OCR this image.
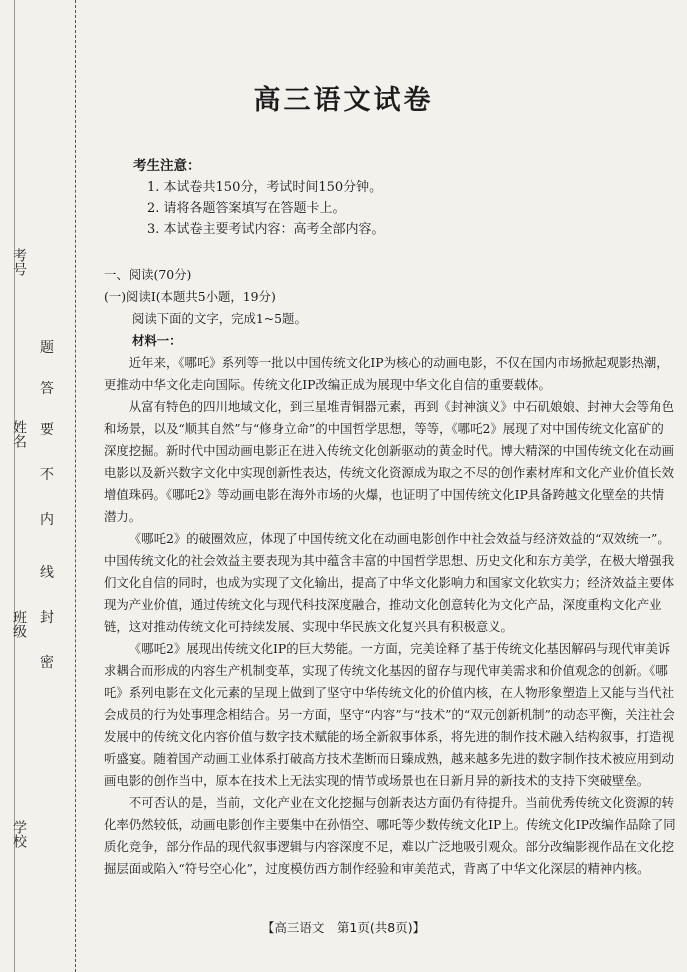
考号
姓名
班级
学校
题
答
要
不
内
线
封
密
高三语文试卷
考生注意：
1. 本试卷共150分，考试时间150分钟。
2. 请将各题答案填写在答题卡上。
3. 本试卷主要考试内容：高考全部内容。
一、阅读(70分)
(一)阅读Ⅰ(本题共5小题，19分)
阅读下面的文字，完成1~5题。
材料一：

近年来，《哪吒》系列等一批以中国传统文化IP为核心的动画电影，不仅在国内市场掀起观影热潮，更推动中华文化走向国际。传统文化IP改编正成为展现中华文化自信的重要载体。

从富有特色的四川地域文化，到三星堆青铜器元素，再到《封神演义》中石矶娘娘、封神大会等角色和场景，以及“顺其自然”与“修身立命”的中国哲学思想，等等，《哪吒2》展现了对中国传统文化富矿的深度挖掘。新时代中国动画电影正在进入传统文化创新驱动的黄金时代。博大精深的中国传统文化在动画电影以及新兴数字文化中实现创新性表达，传统文化资源成为取之不尽的创作素材库和文化产业价值长效增值珠码。《哪吒2》等动画电影在海外市场的火爆，也证明了中国传统文化IP具备跨越文化壁垒的共情潜力。

《哪吒2》的破圈效应，体现了中国传统文化在动画电影创作中社会效益与经济效益的“双效统一”。中国传统文化的社会效益主要表现为其中蕴含丰富的中国哲学思想、历史文化和东方美学，在极大增强我们文化自信的同时，也成为实现了文化输出，提高了中华文化影响力和国家文化软实力；经济效益主要体现为产业价值，通过传统文化与现代科技深度融合，推动文化创意转化为文化产品，深度重构文化产业链，这对推动传统文化可持续发展、实现中华民族文化复兴具有积极意义。

《哪吒2》展现出传统文化IP的巨大势能。一方面，完美诠释了基于传统文化基因解码与现代审美诉求耦合而形成的内容生产机制变革，实现了传统文化基因的留存与现代审美需求和价值观念的创新。《哪吒》系列电影在文化元素的呈现上做到了坚守中华传统文化的价值内核，在人物形象塑造上又能与当代社会成员的行为处事理念相结合。另一方面，坚守“内容”与“技术”的“双元创新机制”的动态平衡，关注社会发展中的传统文化内容价值与数字技术赋能的场全新叙事体系，将先进的制作技术融入结构叙事，打造视听盛宴。随着国产动画工业体系打破高方技术垄断而日臻成熟，越来越多先进的数字制作技术被应用到动画电影的创作当中，原本在技术上无法实现的情节或场景也在日新月异的新技术的支持下突破壁垒。

不可否认的是，当前，文化产业在文化挖掘与创新表达方面仍有待提升。当前优秀传统文化资源的转化率仍然较低，动画电影创作主要集中在孙悟空、哪吒等少数传统文化IP上。传统文化IP改编作品除了同质化竞争，部分作品的现代叙事逻辑与内容深度不足，难以广泛地吸引观众。部分改编影视作品在文化挖掘层面或陷入“符号空心化”，过度模仿西方制作经验和审美范式，背离了中华文化深层的精神内核。

【高三语文　第1页(共8页)】
